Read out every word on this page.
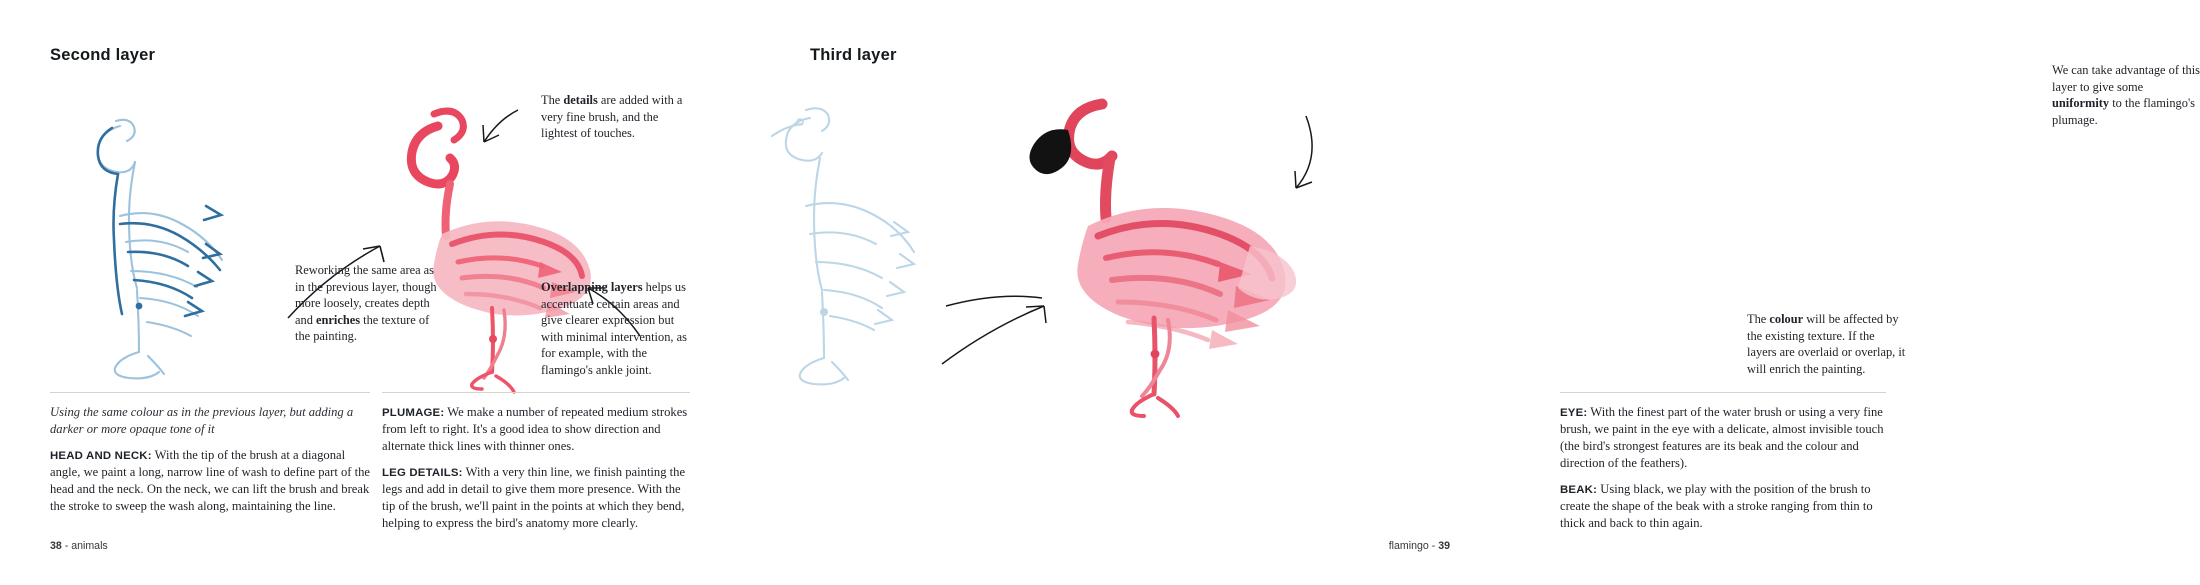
Second layer
The details are added with a very fine brush, and the lightest of touches.
Reworking the same area as in the previous layer, though more loosely, creates depth and enriches the texture of the painting.
Overlapping layers helps us accentuate certain areas and give clearer expression but with minimal intervention, as for example, with the flamingo's ankle joint.

Using the same colour as in the previous layer, but adding a darker or more opaque tone of it

HEAD AND NECK: With the tip of the brush at a diagonal angle, we paint a long, narrow line of wash to define part of the head and the neck. On the neck, we can lift the brush and break the stroke to sweep the wash along, maintaining the line.

PLUMAGE: We make a number of repeated medium strokes from left to right. It's a good idea to show direction and alternate thick lines with thinner ones.

LEG DETAILS: With a very thin line, we finish painting the legs and add in detail to give them more presence. With the tip of the brush, we'll paint in the points at which they bend, helping to express the bird's anatomy more clearly.

38 - animals
Third layer
We can take advantage of this layer to give some uniformity to the flamingo's plumage.
The colour will be affected by the existing texture. If the layers are overlaid or overlap, it will enrich the painting.

EYE: With the finest part of the water brush or using a very fine brush, we paint in the eye with a delicate, almost invisible touch (the bird's strongest features are its beak and the colour and direction of the feathers).

BEAK: Using black, we play with the position of the brush to create the shape of the beak with a stroke ranging from thin to thick and back to thin again.

flamingo - 39
